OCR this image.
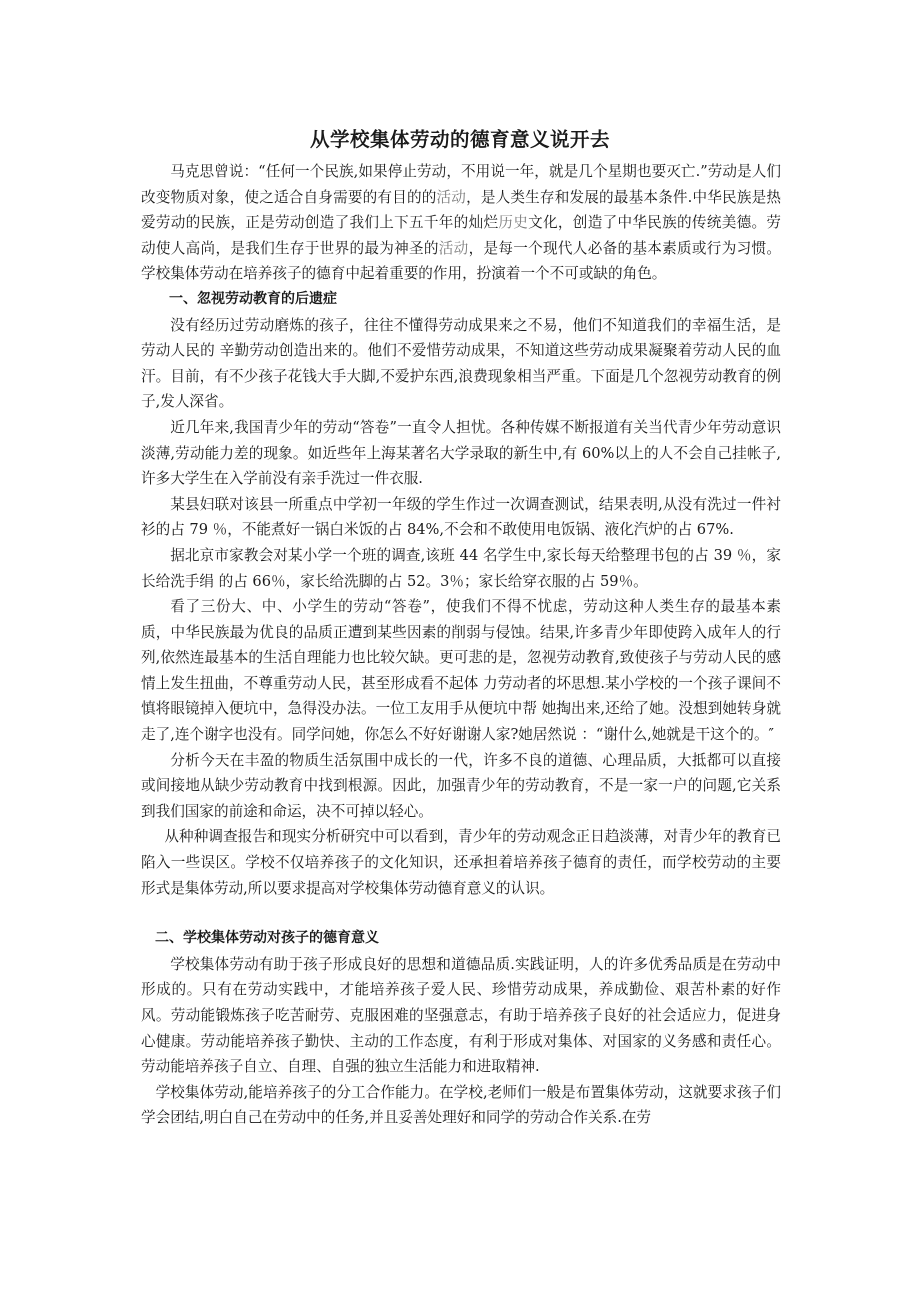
从学校集体劳动的德育意义说开去

马克思曾说：“任何一个民族,如果停止劳动，不用说一年，就是几个星期也要灭亡.”劳动是人们改变物质对象，使之适合自身需要的有目的的活动，是人类生存和发展的最基本条件.中华民族是热爱劳动的民族，正是劳动创造了我们上下五千年的灿烂历史文化，创造了中华民族的传统美德。劳动使人高尚，是我们生存于世界的最为神圣的活动，是每一个现代人必备的基本素质或行为习惯。学校集体劳动在培养孩子的德育中起着重要的作用，扮演着一个不可或缺的角色。

一、忽视劳动教育的后遗症

没有经历过劳动磨炼的孩子，往往不懂得劳动成果来之不易，他们不知道我们的幸福生活，是劳动人民的 辛勤劳动创造出来的。他们不爱惜劳动成果，不知道这些劳动成果凝聚着劳动人民的血汗。目前，有不少孩子花钱大手大脚,不爱护东西,浪费现象相当严重。下面是几个忽视劳动教育的例子,发人深省。

近几年来,我国青少年的劳动“答卷”一直令人担忧。各种传媒不断报道有关当代青少年劳动意识淡薄,劳动能力差的现象。如近些年上海某著名大学录取的新生中,有 60%以上的人不会自己挂帐子,许多大学生在入学前没有亲手洗过一件衣服.

某县妇联对该县一所重点中学初一年级的学生作过一次调查测试，结果表明,从没有洗过一件衬衫的占 79 ％，不能煮好一锅白米饭的占 84%,不会和不敢使用电饭锅、液化汽炉的占 67%.

据北京市家教会对某小学一个班的调查,该班 44 名学生中,家长每天给整理书包的占 39 ％，家长给洗手绢 的占 66％，家长给洗脚的占 52。3％；家长给穿衣服的占 59％。

看了三份大、中、小学生的劳动“答卷”，使我们不得不忧虑，劳动这种人类生存的最基本素质，中华民族最为优良的品质正遭到某些因素的削弱与侵蚀。结果,许多青少年即使跨入成年人的行列,依然连最基本的生活自理能力也比较欠缺。更可悲的是，忽视劳动教育,致使孩子与劳动人民的感情上发生扭曲，不尊重劳动人民，甚至形成看不起体 力劳动者的坏思想.某小学校的一个孩子课间不慎将眼镜掉入便坑中，急得没办法。一位工友用手从便坑中帮 她掏出来,还给了她。没想到她转身就走了,连个谢字也没有。同学问她，你怎么不好好谢谢人家?她居然说 ：“谢什么,她就是干这个的。″

分析今天在丰盈的物质生活氛围中成长的一代，许多不良的道德、心理品质，大抵都可以直接或间接地从缺少劳动教育中找到根源。因此，加强青少年的劳动教育，不是一家一户的问题,它关系到我们国家的前途和命运，决不可掉以轻心。

从种种调查报告和现实分析研究中可以看到，青少年的劳动观念正日趋淡薄，对青少年的教育已陷入一些误区。学校不仅培养孩子的文化知识，还承担着培养孩子德育的责任，而学校劳动的主要形式是集体劳动,所以要求提高对学校集体劳动德育意义的认识。

二、学校集体劳动对孩子的德育意义

学校集体劳动有助于孩子形成良好的思想和道德品质.实践证明，人的许多优秀品质是在劳动中形成的。只有在劳动实践中，才能培养孩子爱人民、珍惜劳动成果，养成勤俭、艰苦朴素的好作风。劳动能锻炼孩子吃苦耐劳、克服困难的坚强意志，有助于培养孩子良好的社会适应力，促进身心健康。劳动能培养孩子勤快、主动的工作态度，有利于形成对集体、对国家的义务感和责任心。劳动能培养孩子自立、自理、自强的独立生活能力和进取精神.

学校集体劳动,能培养孩子的分工合作能力。在学校,老师们一般是布置集体劳动，这就要求孩子们学会团结,明白自己在劳动中的任务,并且妥善处理好和同学的劳动合作关系.在劳
